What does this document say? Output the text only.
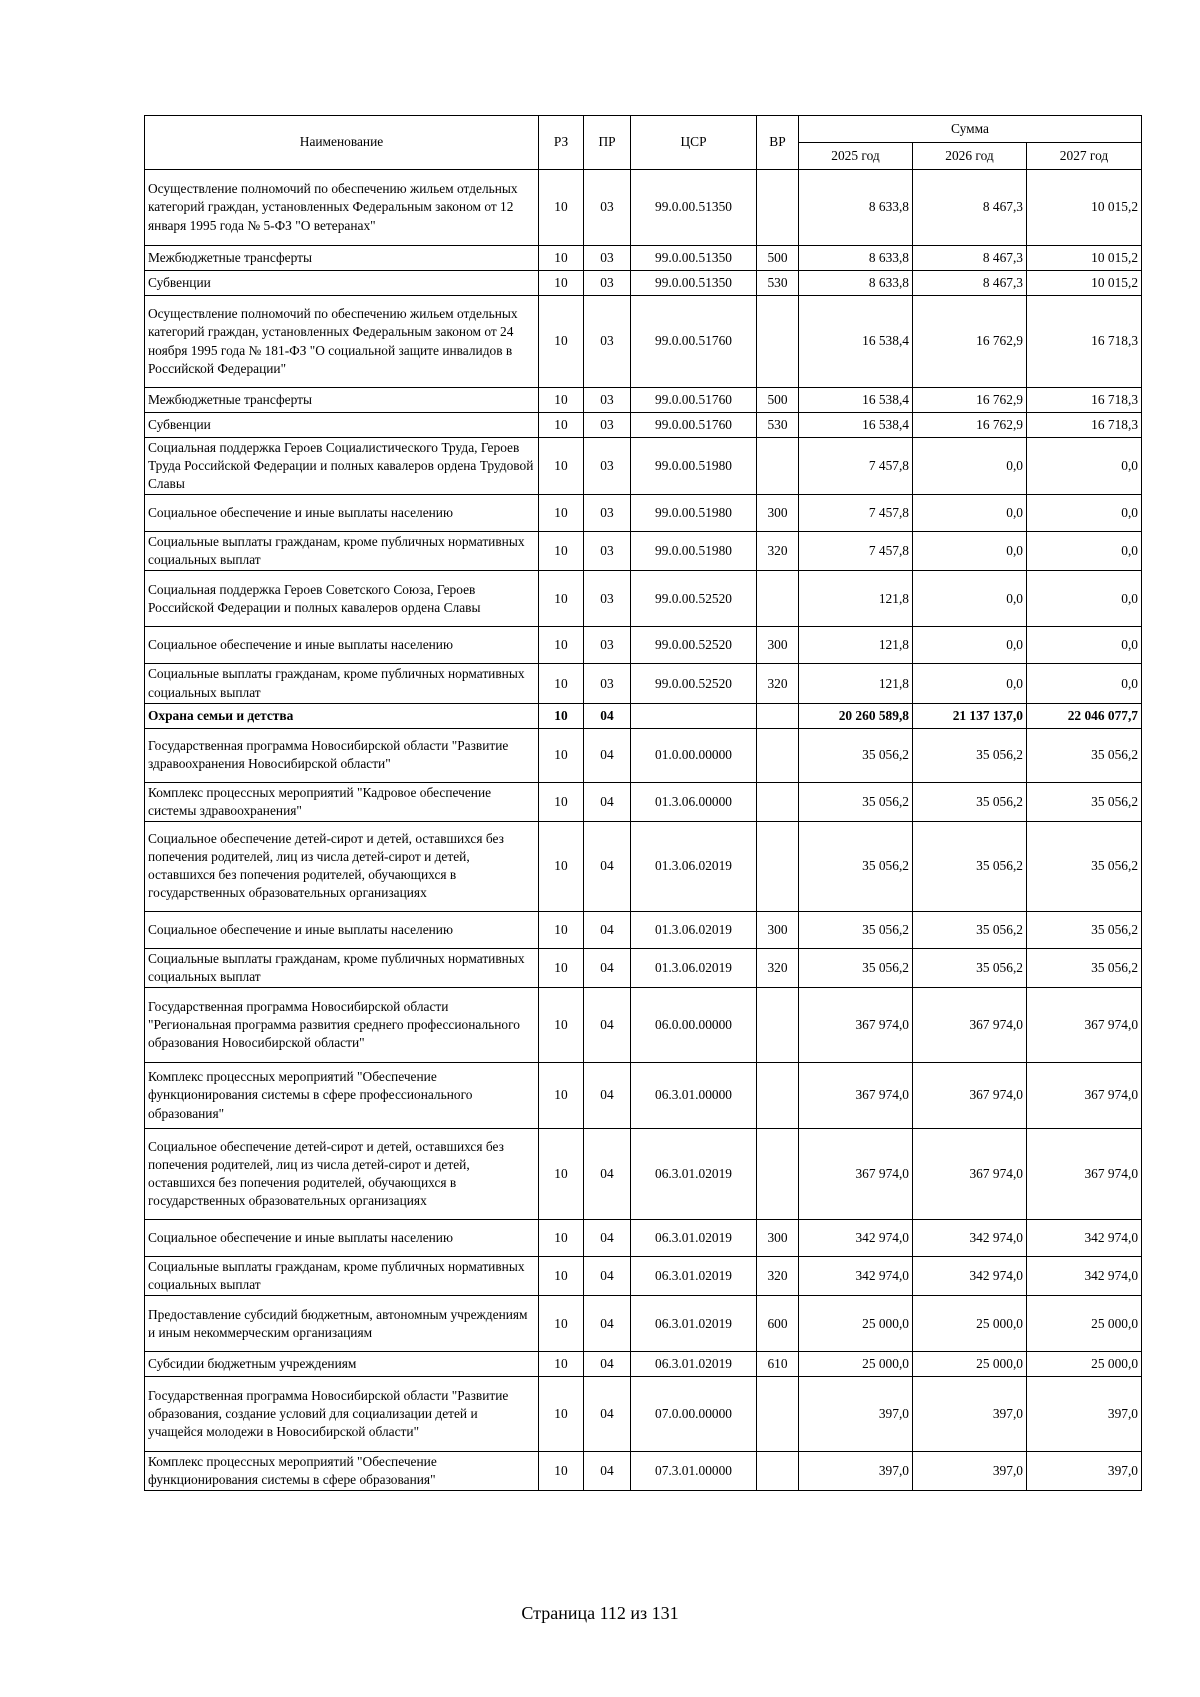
Наименование	РЗ	ПР	ЦСР	ВР	Сумма		
					2025 год	2026 год	2027 год
Осуществление полномочий по обеспечению жильем отдельных категорий граждан, установленных Федеральным законом от 12 января 1995 года № 5-ФЗ "О ветеранах"	10	03	99.0.00.51350		8 633,8	8 467,3	10 015,2
Межбюджетные трансферты	10	03	99.0.00.51350	500	8 633,8	8 467,3	10 015,2
Субвенции	10	03	99.0.00.51350	530	8 633,8	8 467,3	10 015,2
Осуществление полномочий по обеспечению жильем отдельных категорий граждан, установленных Федеральным законом от 24 ноября 1995 года № 181-ФЗ "О социальной защите инвалидов в Российской Федерации"	10	03	99.0.00.51760		16 538,4	16 762,9	16 718,3
Межбюджетные трансферты	10	03	99.0.00.51760	500	16 538,4	16 762,9	16 718,3
Субвенции	10	03	99.0.00.51760	530	16 538,4	16 762,9	16 718,3
Социальная поддержка Героев Социалистического Труда, Героев Труда Российской Федерации и полных кавалеров ордена Трудовой Славы	10	03	99.0.00.51980		7 457,8	0,0	0,0
Социальное обеспечение и иные выплаты населению	10	03	99.0.00.51980	300	7 457,8	0,0	0,0
Социальные выплаты гражданам, кроме публичных нормативных социальных выплат	10	03	99.0.00.51980	320	7 457,8	0,0	0,0
Социальная поддержка Героев Советского Союза, Героев Российской Федерации и полных кавалеров ордена Славы	10	03	99.0.00.52520		121,8	0,0	0,0
Социальное обеспечение и иные выплаты населению	10	03	99.0.00.52520	300	121,8	0,0	0,0
Социальные выплаты гражданам, кроме публичных нормативных социальных выплат	10	03	99.0.00.52520	320	121,8	0,0	0,0
Охрана семьи и детства	10	04			20 260 589,8	21 137 137,0	22 046 077,7
Государственная программа Новосибирской области "Развитие здравоохранения Новосибирской области"	10	04	01.0.00.00000		35 056,2	35 056,2	35 056,2
Комплекс процессных мероприятий "Кадровое обеспечение системы здравоохранения"	10	04	01.3.06.00000		35 056,2	35 056,2	35 056,2
Социальное обеспечение детей-сирот и детей, оставшихся без попечения родителей, лиц из числа детей-сирот и детей, оставшихся без попечения родителей, обучающихся в государственных образовательных организациях	10	04	01.3.06.02019		35 056,2	35 056,2	35 056,2
Социальное обеспечение и иные выплаты населению	10	04	01.3.06.02019	300	35 056,2	35 056,2	35 056,2
Социальные выплаты гражданам, кроме публичных нормативных социальных выплат	10	04	01.3.06.02019	320	35 056,2	35 056,2	35 056,2
Государственная программа Новосибирской области "Региональная программа развития среднего профессионального образования Новосибирской области"	10	04	06.0.00.00000		367 974,0	367 974,0	367 974,0
Комплекс процессных мероприятий "Обеспечение функционирования системы в сфере профессионального образования"	10	04	06.3.01.00000		367 974,0	367 974,0	367 974,0
Социальное обеспечение детей-сирот и детей, оставшихся без попечения родителей, лиц из числа детей-сирот и детей, оставшихся без попечения родителей, обучающихся в государственных образовательных организациях	10	04	06.3.01.02019		367 974,0	367 974,0	367 974,0
Социальное обеспечение и иные выплаты населению	10	04	06.3.01.02019	300	342 974,0	342 974,0	342 974,0
Социальные выплаты гражданам, кроме публичных нормативных социальных выплат	10	04	06.3.01.02019	320	342 974,0	342 974,0	342 974,0
Предоставление субсидий бюджетным, автономным учреждениям и иным некоммерческим организациям	10	04	06.3.01.02019	600	25 000,0	25 000,0	25 000,0
Субсидии бюджетным учреждениям	10	04	06.3.01.02019	610	25 000,0	25 000,0	25 000,0
Государственная программа Новосибирской области "Развитие образования, создание условий для социализации детей и учащейся молодежи в Новосибирской области"	10	04	07.0.00.00000		397,0	397,0	397,0
Комплекс процессных мероприятий "Обеспечение функционирования системы в сфере образования"	10	04	07.3.01.00000		397,0	397,0	397,0
Страница 112 из 131
